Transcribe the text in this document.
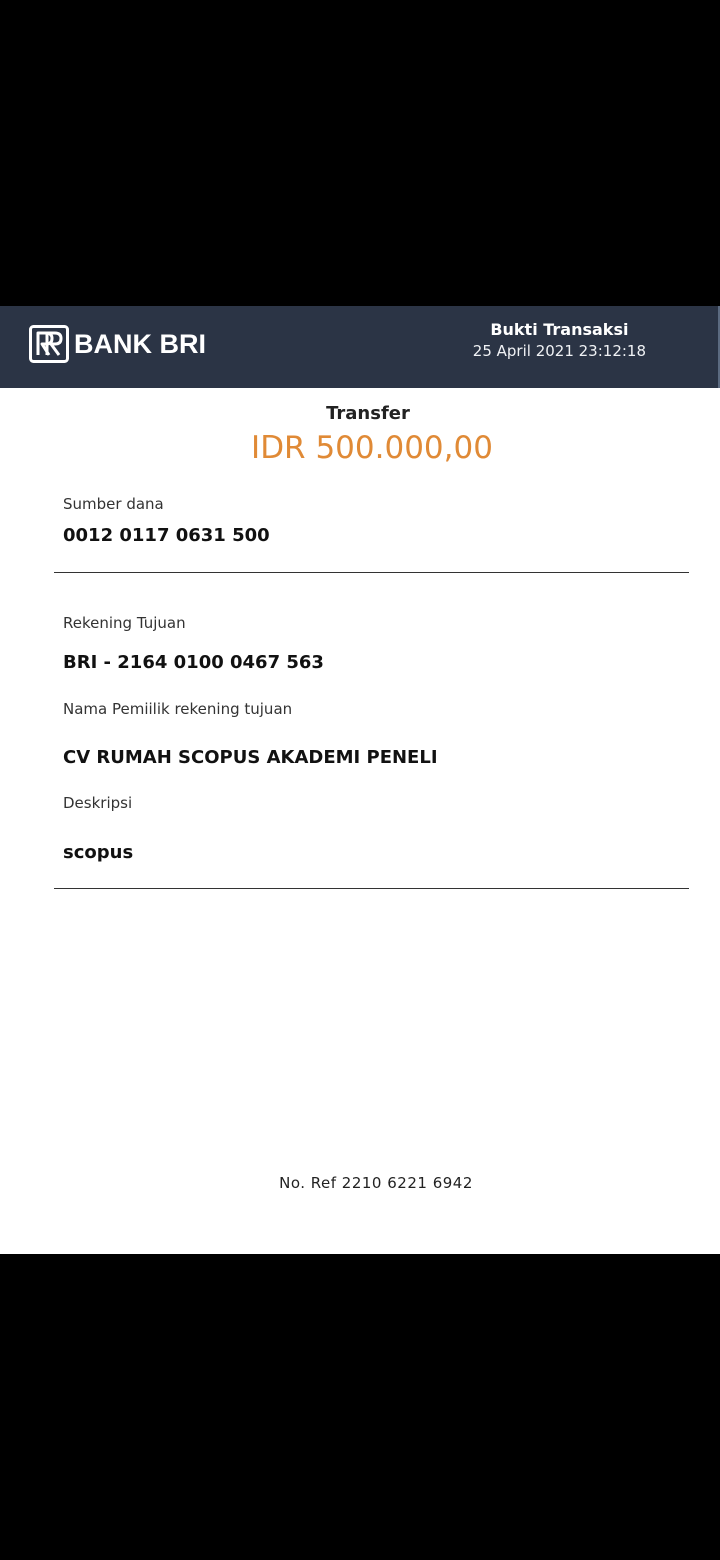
BANK BRI	Bukti Transaksi
25 April 2021 23:12:18
Transfer
IDR 500.000,00
Sumber dana
0012 0117 0631 500
Rekening Tujuan
BRI - 2164 0100 0467 563
Nama Pemiilik rekening tujuan
CV RUMAH SCOPUS AKADEMI PENELI
Deskripsi
scopus
No. Ref 2210 6221 6942
